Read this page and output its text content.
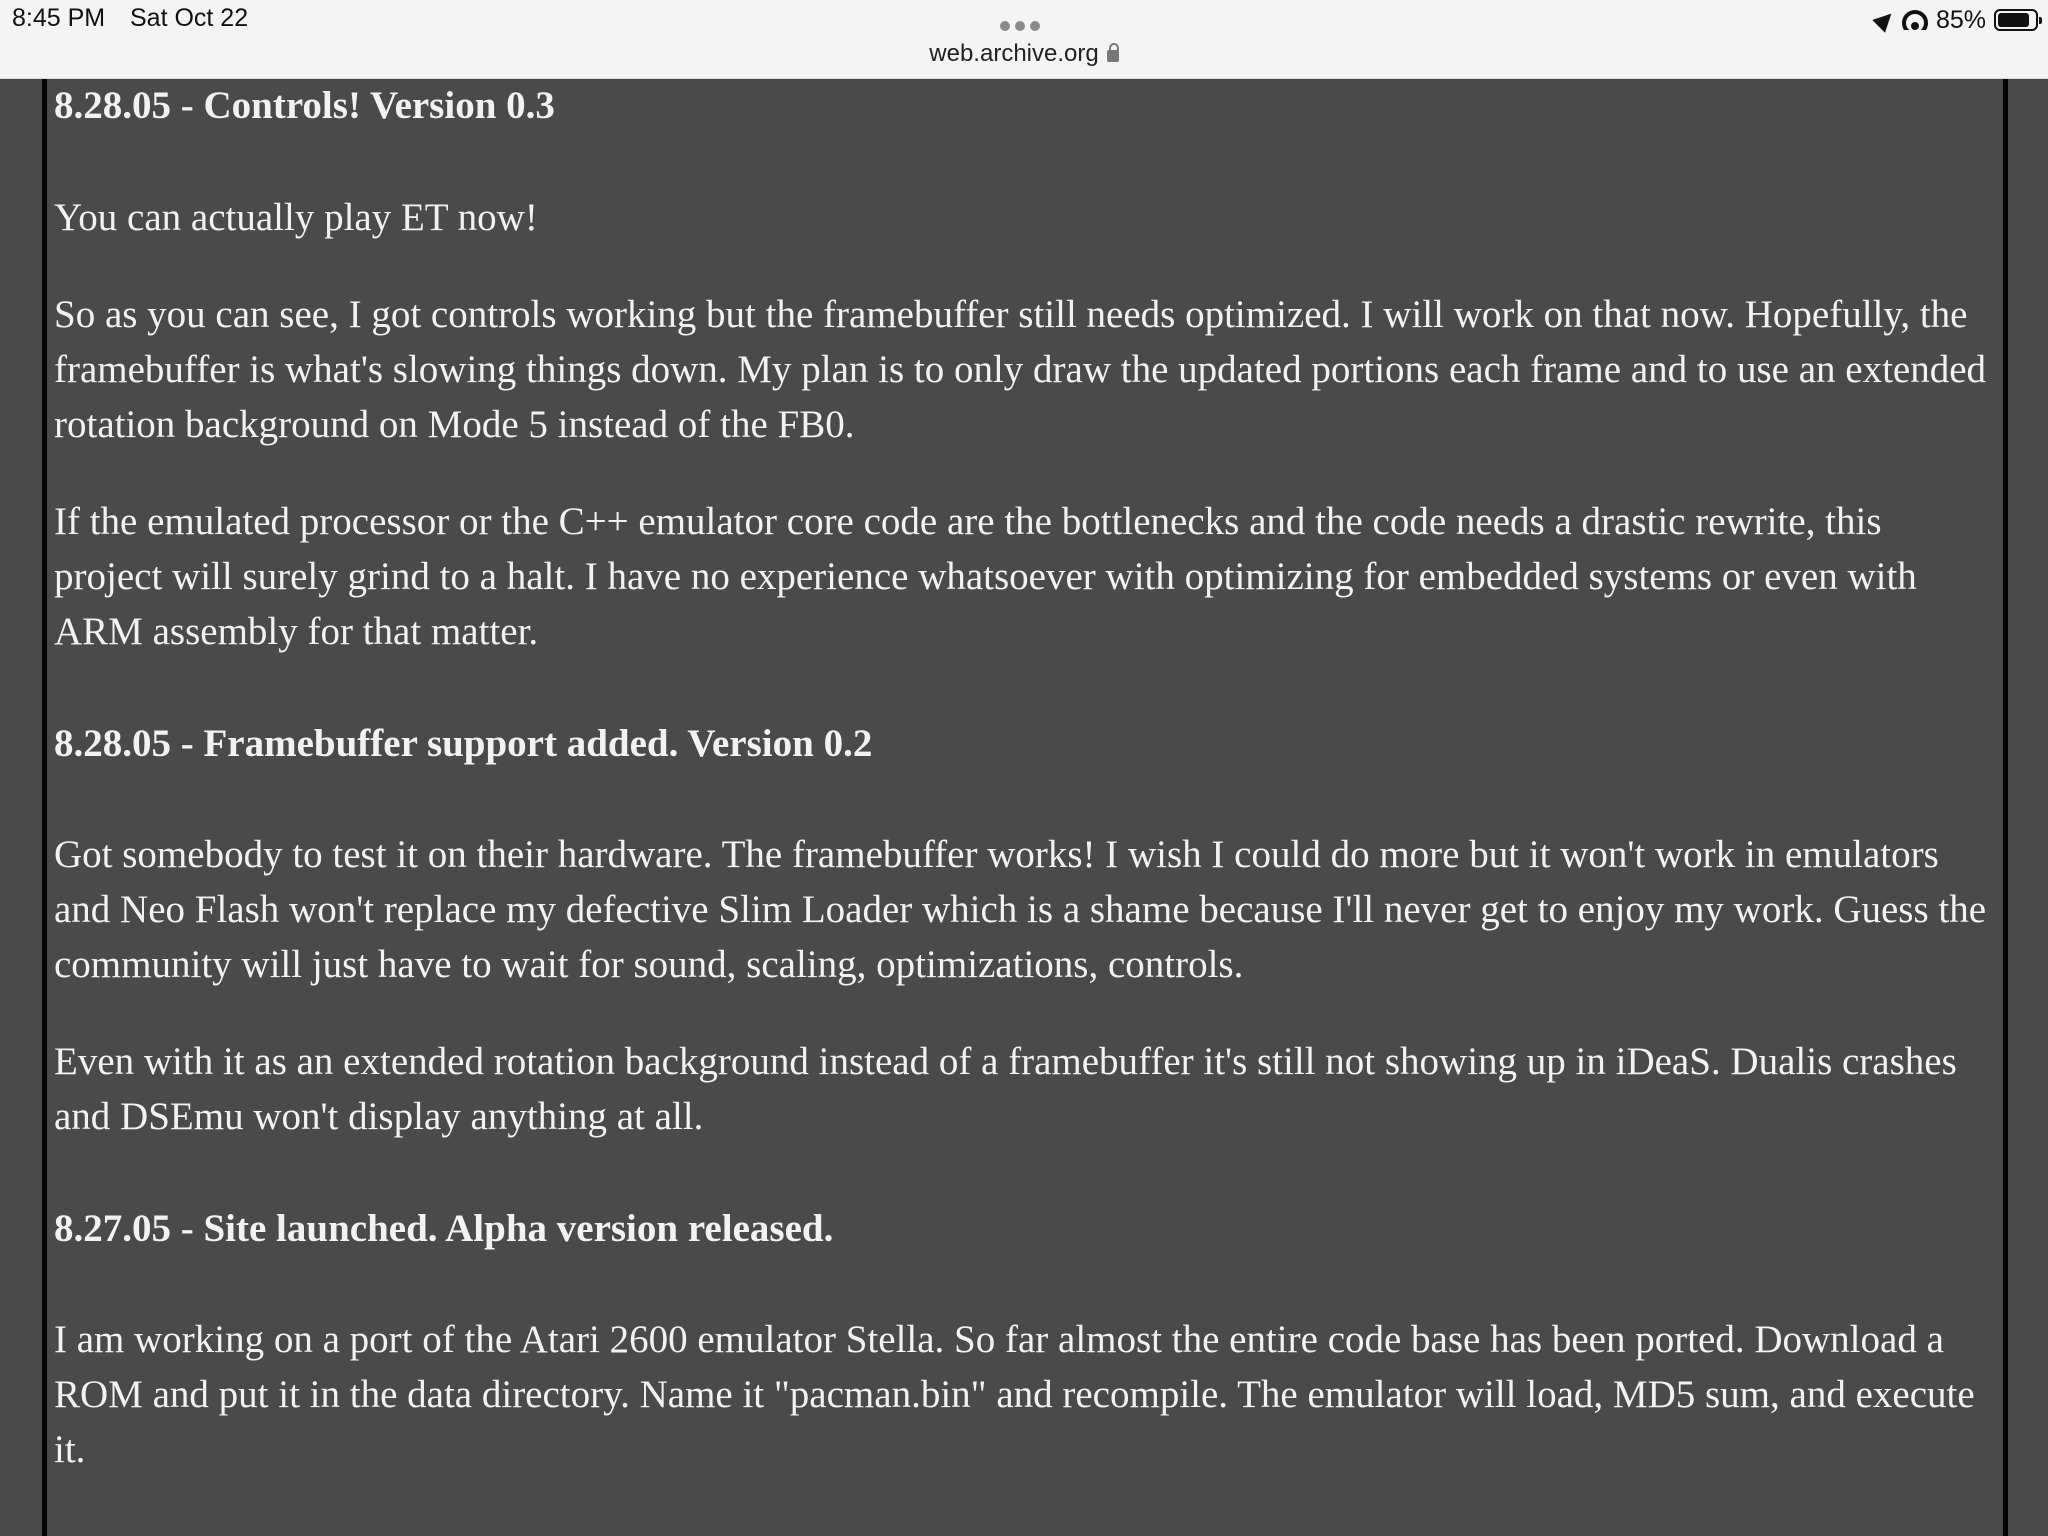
8:45 PM Sat Oct 22
web.archive.org
85%
8.28.05 - Controls! Version 0.3

You can actually play ET now!

So as you can see, I got controls working but the framebuffer still needs optimized. I will work on that now. Hopefully, the framebuffer is what's slowing things down. My plan is to only draw the updated portions each frame and to use an extended rotation background on Mode 5 instead of the FB0.

If the emulated processor or the C++ emulator core code are the bottlenecks and the code needs a drastic rewrite, this project will surely grind to a halt. I have no experience whatsoever with optimizing for embedded systems or even with ARM assembly for that matter.

8.28.05 - Framebuffer support added. Version 0.2

Got somebody to test it on their hardware. The framebuffer works! I wish I could do more but it won't work in emulators and Neo Flash won't replace my defective Slim Loader which is a shame because I'll never get to enjoy my work. Guess the community will just have to wait for sound, scaling, optimizations, controls.

Even with it as an extended rotation background instead of a framebuffer it's still not showing up in iDeaS. Dualis crashes and DSEmu won't display anything at all.

8.27.05 - Site launched. Alpha version released.

I am working on a port of the Atari 2600 emulator Stella. So far almost the entire code base has been ported. Download a ROM and put it in the data directory. Name it "pacman.bin" and recompile. The emulator will load, MD5 sum, and execute it.
